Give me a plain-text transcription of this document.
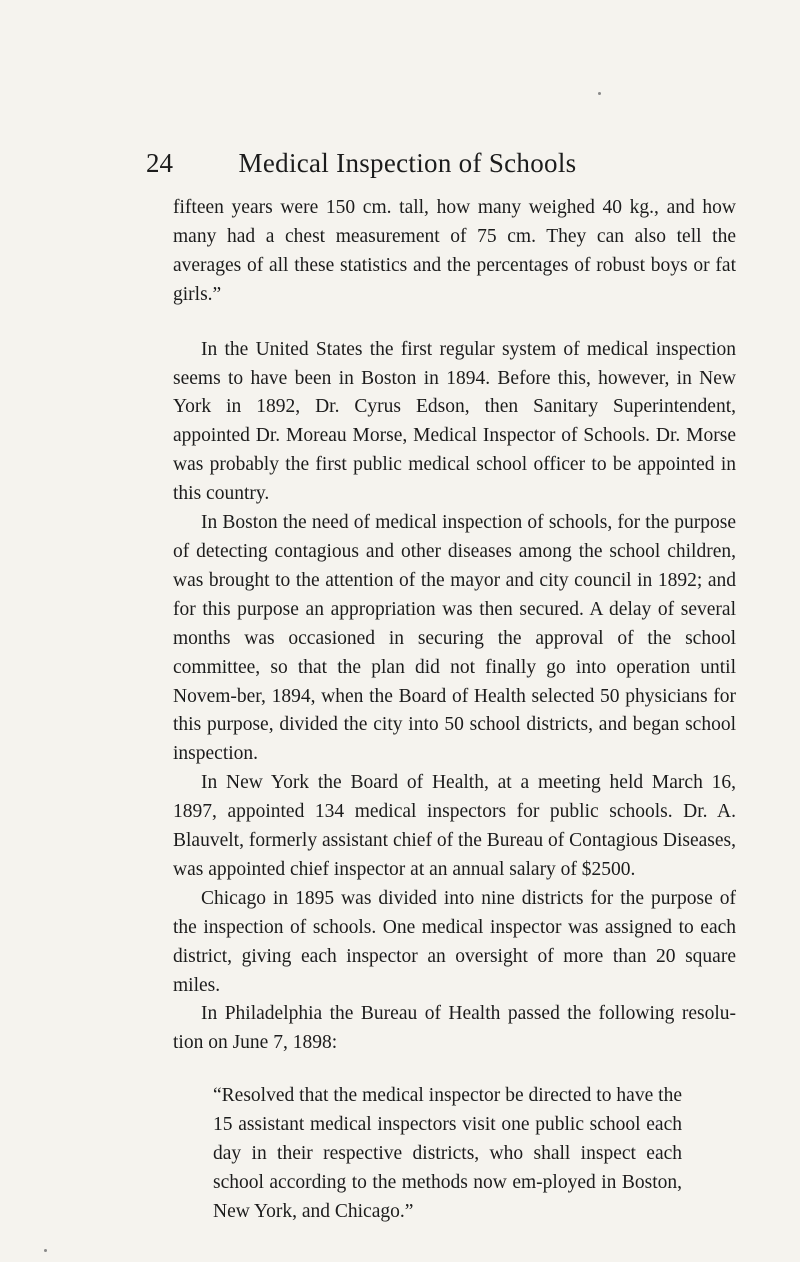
24	Medical Inspection of Schools

fifteen years were 150 cm. tall, how many weighed 40 kg., and how many had a chest measurement of 75 cm. They can also tell the averages of all these statistics and the percentages of robust boys or fat girls.”

In the United States the first regular system of medical inspection seems to have been in Boston in 1894. Before this, however, in New York in 1892, Dr. Cyrus Edson, then Sanitary Superintendent, appointed Dr. Moreau Morse, Medical Inspector of Schools. Dr. Morse was probably the first public medical school officer to be appointed in this country.

In Boston the need of medical inspection of schools, for the purpose of detecting contagious and other diseases among the school children, was brought to the attention of the mayor and city council in 1892; and for this purpose an appropriation was then secured. A delay of several months was occasioned in securing the approval of the school committee, so that the plan did not finally go into operation until Novem-ber, 1894, when the Board of Health selected 50 physicians for this purpose, divided the city into 50 school districts, and began school inspection.

In New York the Board of Health, at a meeting held March 16, 1897, appointed 134 medical inspectors for public schools. Dr. A. Blauvelt, formerly assistant chief of the Bureau of Contagious Diseases, was appointed chief inspector at an annual salary of $2500.

Chicago in 1895 was divided into nine districts for the purpose of the inspection of schools. One medical inspector was assigned to each district, giving each inspector an oversight of more than 20 square miles.

In Philadelphia the Bureau of Health passed the following resolu-tion on June 7, 1898:

“Resolved that the medical inspector be directed to have the 15 assistant medical inspectors visit one public school each day in their respective districts, who shall inspect each school according to the methods now em-ployed in Boston, New York, and Chicago.”
